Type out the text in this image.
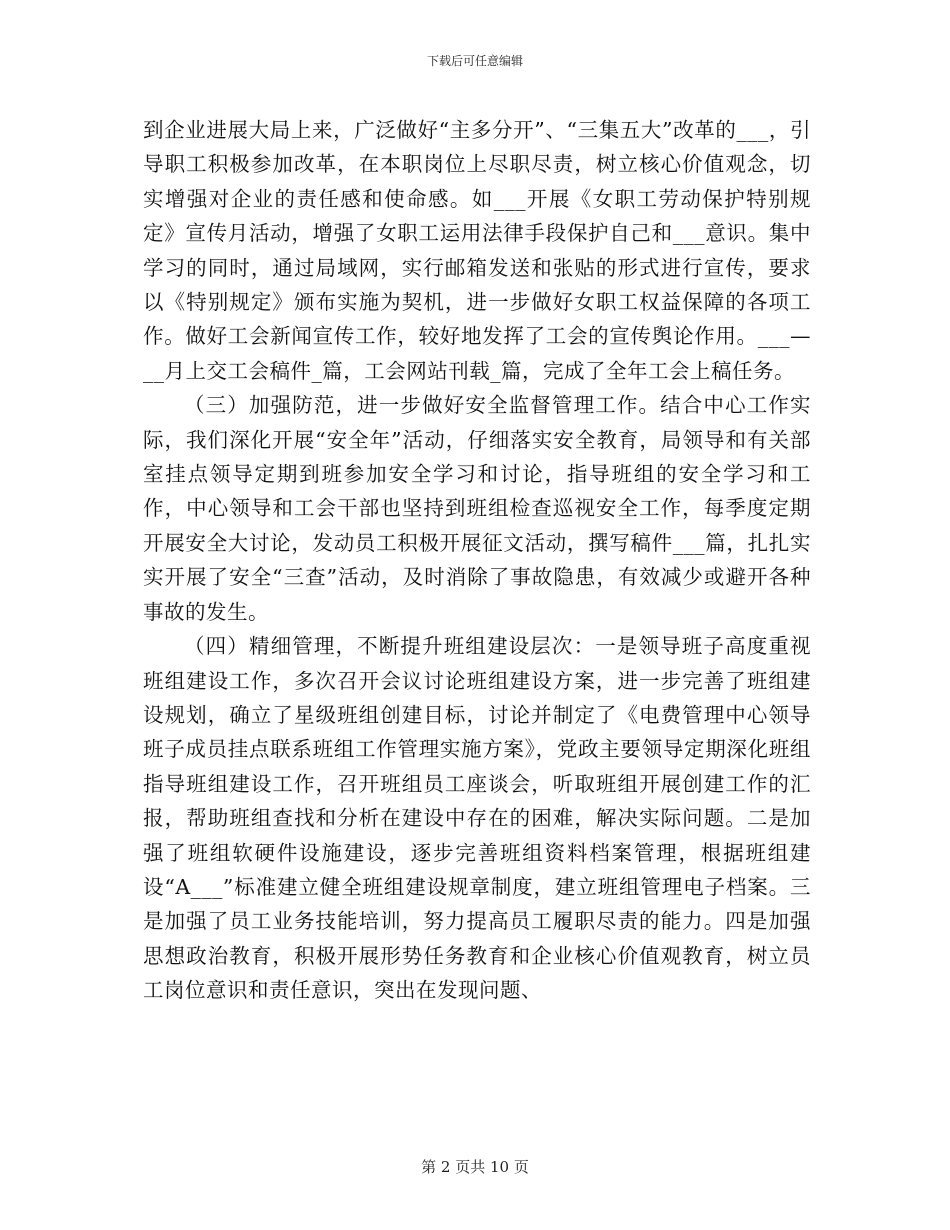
下载后可任意编辑

到企业进展大局上来，广泛做好“主多分开”、“三集五大”改革的___，引导职工积极参加改革，在本职岗位上尽职尽责，树立核心价值观念，切实增强对企业的责任感和使命感。如___开展《女职工劳动保护特别规定》宣传月活动，增强了女职工运用法律手段保护自己和___意识。集中学习的同时，通过局域网，实行邮箱发送和张贴的形式进行宣传，要求以《特别规定》颁布实施为契机，进一步做好女职工权益保障的各项工作。做好工会新闻宣传工作，较好地发挥了工会的宣传舆论作用。___—__月上交工会稿件_篇，工会网站刊载_篇，完成了全年工会上稿任务。

（三）加强防范，进一步做好安全监督管理工作。结合中心工作实际，我们深化开展“安全年”活动，仔细落实安全教育，局领导和有关部室挂点领导定期到班参加安全学习和讨论，指导班组的安全学习和工作，中心领导和工会干部也坚持到班组检查巡视安全工作，每季度定期开展安全大讨论，发动员工积极开展征文活动，撰写稿件___篇，扎扎实实开展了安全“三查”活动，及时消除了事故隐患，有效减少或避开各种事故的发生。

（四）精细管理，不断提升班组建设层次：一是领导班子高度重视班组建设工作，多次召开会议讨论班组建设方案，进一步完善了班组建设规划，确立了星级班组创建目标，讨论并制定了《电费管理中心领导班子成员挂点联系班组工作管理实施方案》，党政主要领导定期深化班组指导班组建设工作，召开班组员工座谈会，听取班组开展创建工作的汇报，帮助班组查找和分析在建设中存在的困难，解决实际问题。二是加强了班组软硬件设施建设，逐步完善班组资料档案管理，根据班组建设“A___”标准建立健全班组建设规章制度，建立班组管理电子档案。三是加强了员工业务技能培训，努力提高员工履职尽责的能力。四是加强思想政治教育，积极开展形势任务教育和企业核心价值观教育，树立员工岗位意识和责任意识，突出在发现问题、

第 2 页共 10 页
